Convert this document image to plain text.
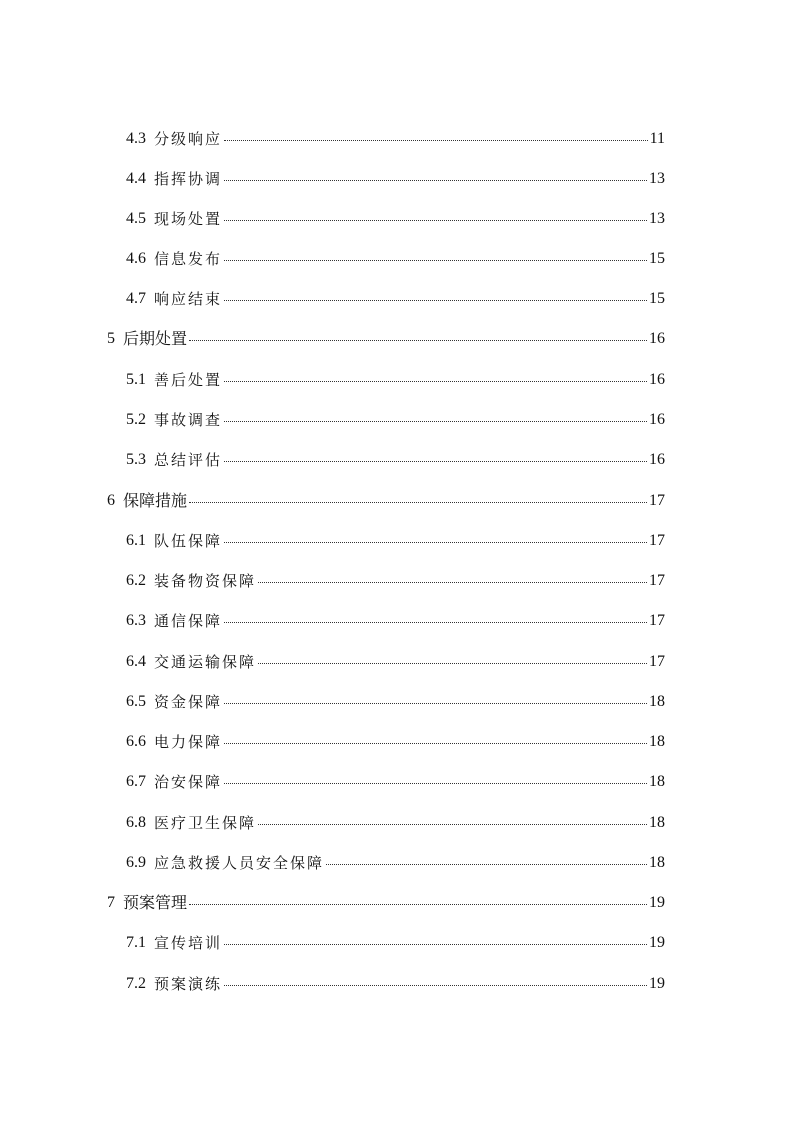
4.3 分级响应	11
4.4 指挥协调	13
4.5 现场处置	13
4.6 信息发布	15
4.7 响应结束	15
5 后期处置	16
5.1 善后处置	16
5.2 事故调查	16
5.3 总结评估	16
6 保障措施	17
6.1 队伍保障	17
6.2 装备物资保障	17
6.3 通信保障	17
6.4 交通运输保障	17
6.5 资金保障	18
6.6 电力保障	18
6.7 治安保障	18
6.8 医疗卫生保障	18
6.9 应急救援人员安全保障	18
7 预案管理	19
7.1 宣传培训	19
7.2 预案演练	19
